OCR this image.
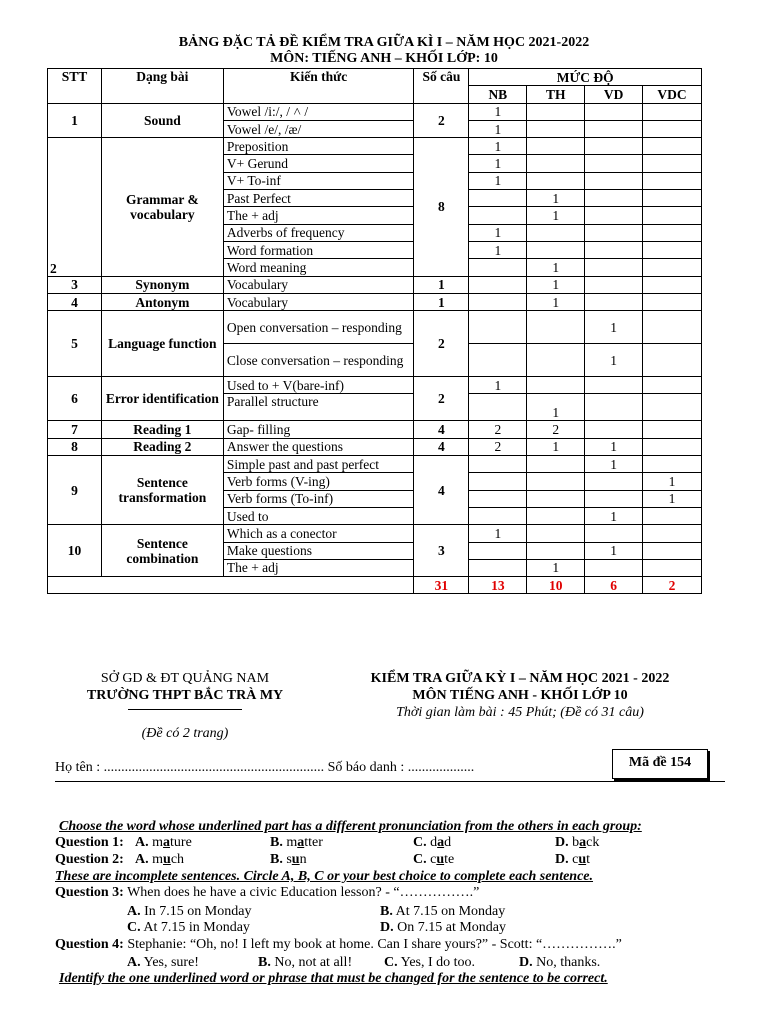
BẢNG ĐẶC TẢ ĐỀ KIỂM TRA GIỮA KÌ I – NĂM HỌC 2021-2022
MÔN: TIẾNG ANH – KHỐI LỚP: 10
STT	Dạng bài	Kiến thức	Số câu	MỨC ĐỘ			
				NB	TH	VD	VDC
1	Sound	Vowel /i:/, / ˄ /	2	1			
		Vowel /e/, /æ/		1			
2	Grammar & vocabulary	Preposition	8	1			
		V+ Gerund		1			
		V+ To-inf		1			
		Past Perfect			1		
		The + adj			1		
		Adverbs of frequency		1			
		Word formation		1			
		Word meaning			1		
3	Synonym	Vocabulary	1		1		
4	Antonym	Vocabulary	1		1		
5	Language function	Open conversation – responding	2			1	
		Close conversation – responding				1	
6	Error identification	Used to + V(bare-inf)	2	1			
		Parallel structure			1		
7	Reading 1	Gap- filling	4	2	2		
8	Reading 2	Answer the questions	4	2	1	1	
9	Sentence transformation	Simple past and past perfect	4			1	
		Verb forms (V-ing)					1
		Verb forms (To-inf)					1
		Used to				1	
10	Sentence combination	Which as a conector	3	1			
		Make questions				1	
		The + adj			1		
			31	13	10	6	2
SỞ GD & ĐT QUẢNG NAM
TRƯỜNG THPT BẮC TRÀ MY
(Đề có 2 trang)
KIỂM TRA GIỮA KỲ I – NĂM HỌC 2021 - 2022
MÔN TIẾNG ANH - KHỐI LỚP 10
Thời gian làm bài : 45 Phút; (Đề có 31 câu)
Họ tên : ............................................................... Số báo danh : ...................	Mã đề 154
Choose the word whose underlined part has a different pronunciation from the others in each group:
Question 1: A. mature	B. matter	C. dad	D. back
Question 2: A. much	B. sun	C. cute	D. cut
These are incomplete sentences. Circle A, B, C or your best choice to complete each sentence.
Question 3: When does he have a civic Education lesson? - “…………….”
A. In 7.15 on Monday	B. At 7.15 on Monday
C. At 7.15 in Monday	D. On 7.15 at Monday
Question 4: Stephanie: “Oh, no! I left my book at home. Can I share yours?” - Scott: “…………….”
A. Yes, sure!	B. No, not at all! C. Yes, I do too.	D. No, thanks.
Identify the one underlined word or phrase that must be changed for the sentence to be correct.
